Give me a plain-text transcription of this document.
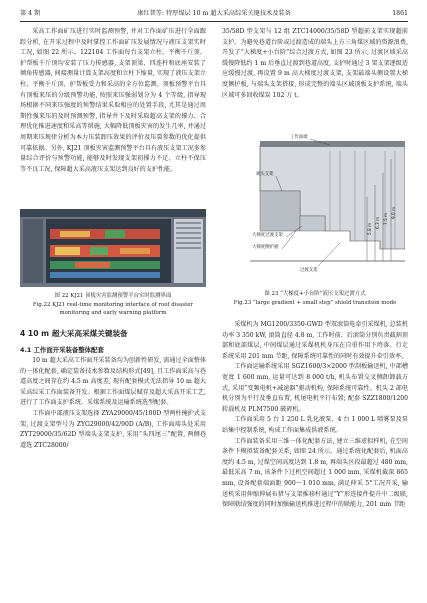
第 4 期	康红普等: 特厚煤层 10 m 超大采高综采关键技术及装备	1861

采高工作面矿压进行实时监测预警, 并对工作面矿压进行全面跟踪分析, 在开采过程中及时掌控工作面矿压发展情况与液压支架实时工况, 如图 22 所示。122104 工作面每台支架立柱、平衡千斤顶、护帮板千斤顶均安装了压力传感器, 支架顶梁、四连杆和底座安装了倾角传感器, 间接测量计算支架高度和立柱下缩量, 实现了液压支架立柱、平衡千斤顶、护帮板受力和采高的全方位监测。顶板预警平台具有顶板来压的分级预警功能, 按照来压强弱划分为 4 个等级, 指导现场根据不同来压强度的预警结果采取相应的处置手段, 尤其是通过周期性强来压的及时预测预警, 指导井下及时采取超高支架的撑力、合理优化推进速度和采高等措施, 大幅降低顶板灾害的发生几率, 并通过周期来压规律分析为本力压装卸压效果的评价及压裂参数的优化提供可靠依据。另外, KJ21 顶板灾害监测预警平台具有液压支架工况多参量综合评价与预警功能, 能够及时发现支架初撑力不足、立柱不保压等不良工况, 保障超大采高液压支架达到良好的支护性能。

图 22 KJ21 顶板灾害监测预警平台实时监测界面
Fig.22 KJ21 real-time monitoring interface of roof disaster monitoring and early warning platform
4 10 m 超大采高采煤关键装备
4.1 工作面开采装备整体配套

10 m 超大采高工作面开采装备均为创新性研发, 需通过全面整体的一体化配套, 确定装备技术参数及结构形式[49], 且工作面采高与巷道高度之间存在约 4.5 m 高度差, 现有配套模式无法指导 10 m 超大采高综采工作面装备开发。根据工作面煤层赋存及超大采高开采工艺, 进行了工作面支护系统、采煤系统及运输系统选型配套。

工作面中部液压支架选择 ZYA29000/45/100D 型两柱掩护式支架, 过渡支架型号为 ZYG29000/42/90D (A/B), 工作面端头处采用 ZYT29000/35/62D 型端头支架支护, 采用“头四尾三”配置, 两侧巷道选 ZTC28000/

35/58D 型支架与 12 组 ZTC14000/35/58D 型超前支架实现超前支护。为避免巷道台阶或过渡造成的端头上方三角煤区域的资源浪费, 开发了“大梯度+小台阶”综合过渡方式, 如图 23 所示, 过渡区域采高缓慢降低约 1 m 后垂直过渡到巷道高度, 支护时通过 3 架支架逐级适应缓慢过渡, 再设置 9 m 高大梯度过渡支架, 支架最端头侧设置大梯度侧护板, 与端头支架搭接, 形成完整的端头区域顶板支护系统, 端头区域可多回收煤炭 102 万 t。

工作面端
端头支架
大梯度过渡支架
大梯度侧护板
过渡支架
5.8 m 6.3 m 7.5 m 9.0 m
图 23 “大梯度+小台阶”液压支架过渡方式
Fig.23 “large gradient + small step” shield transition mode

采煤机为 MG1200/3350-GWD 型双滚筒电牵引采煤机, 总装机功率 3 350 kW, 滚筒直径 4.8 m, 工作时前、后滚筒分别负责截割顶部和底部煤层, 中间煤层通过采煤机机身压在自重作用下垮落。行走系统采用 201 mm 节距, 保障系统可靠性的同时有效提升牵引效率。

工作面运输系统采用 SGZ1600/3×2000 型刮板输送机, 中部槽宽度 1 600 mm, 运量可达到 8 000 t/h, 机头布置交叉侧卸卸载方式, 采用“变频电机+减速器”驱动机构, 保障系统可靠性。机头 2 部电机分别为平行及垂直布置, 机尾电机平行布置; 配套 SZZ1800/1200 转载机及 PLM7500 破碎机。

工作面采用 5 台 1 250 L 乳化液泵、4 台 1 000 L 喷雾泵及泵站集中控制系统, 构成工作面集成供液系统。

工作面装备采用三维一体化配套方法, 建立三维虚拟样机, 在空间条件下模拟装备配套关系, 如图 24 所示。通过系统化配套后, 机面高度约 4.5 m, 过煤空间高度达到 1.8 m, 再端头区段最超过 480 mm, 最低采高 7 m, 该条件下过机空间超过 1 000 mm, 采煤机截深 865 mm, 设备配套端面距 900～1 010 mm, 满足伸采 5°工况开采, 输送机采用伸缩伸展布措与支架推移杆通过“Y”形连接件提升中二级联, 保障联结强度的同时加强输送机推进过程中的联能力, 201 mm 节距
